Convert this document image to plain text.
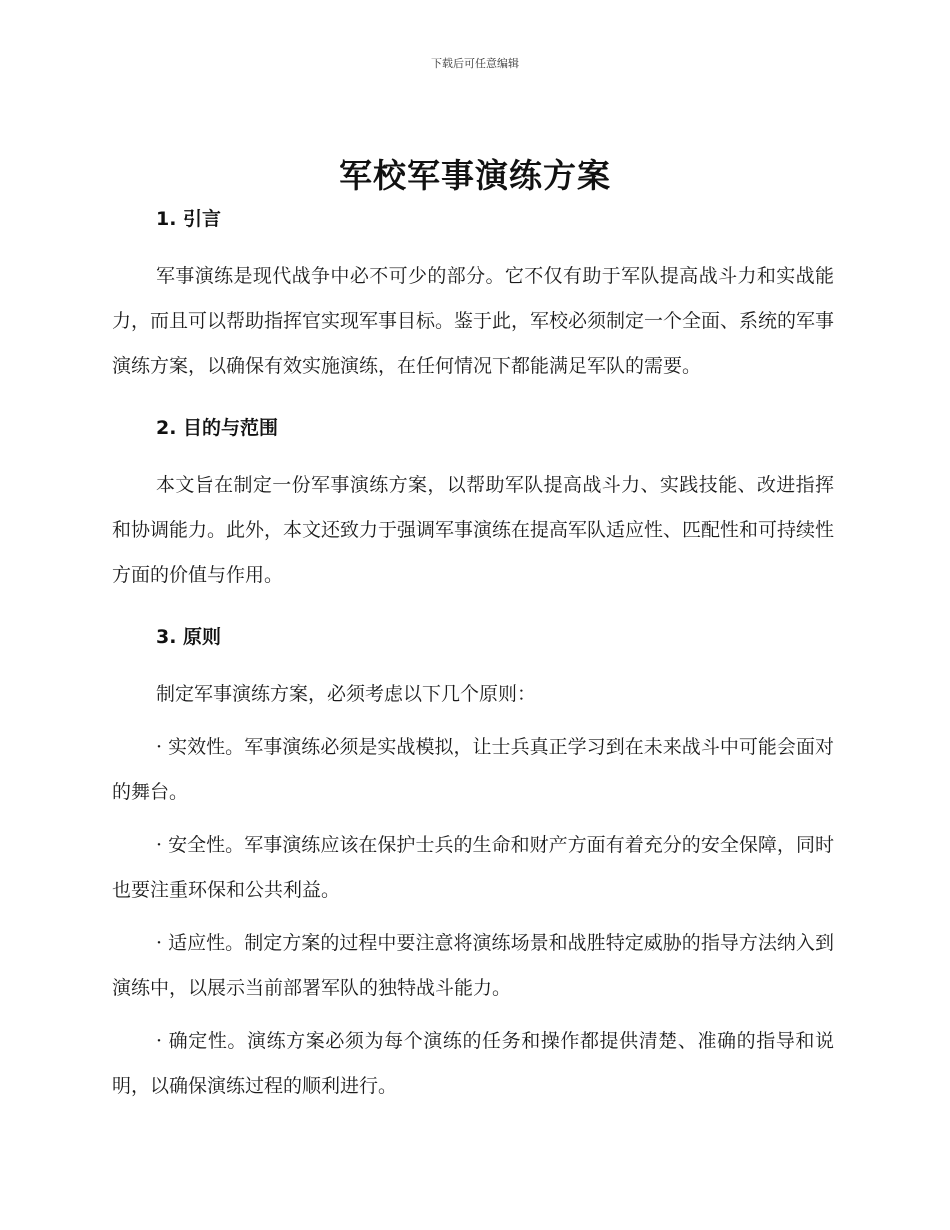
下载后可任意编辑
军校军事演练方案
1. 引言

军事演练是现代战争中必不可少的部分。它不仅有助于军队提高战斗力和实战能力，而且可以帮助指挥官实现军事目标。鉴于此，军校必须制定一个全面、系统的军事演练方案，以确保有效实施演练，在任何情况下都能满足军队的需要。

2. 目的与范围

本文旨在制定一份军事演练方案，以帮助军队提高战斗力、实践技能、改进指挥和协调能力。此外，本文还致力于强调军事演练在提高军队适应性、匹配性和可持续性方面的价值与作用。

3. 原则

制定军事演练方案，必须考虑以下几个原则：

· 实效性。军事演练必须是实战模拟，让士兵真正学习到在未来战斗中可能会面对的舞台。

· 安全性。军事演练应该在保护士兵的生命和财产方面有着充分的安全保障，同时也要注重环保和公共利益。

· 适应性。制定方案的过程中要注意将演练场景和战胜特定威胁的指导方法纳入到演练中，以展示当前部署军队的独特战斗能力。

· 确定性。演练方案必须为每个演练的任务和操作都提供清楚、准确的指导和说明，以确保演练过程的顺利进行。
